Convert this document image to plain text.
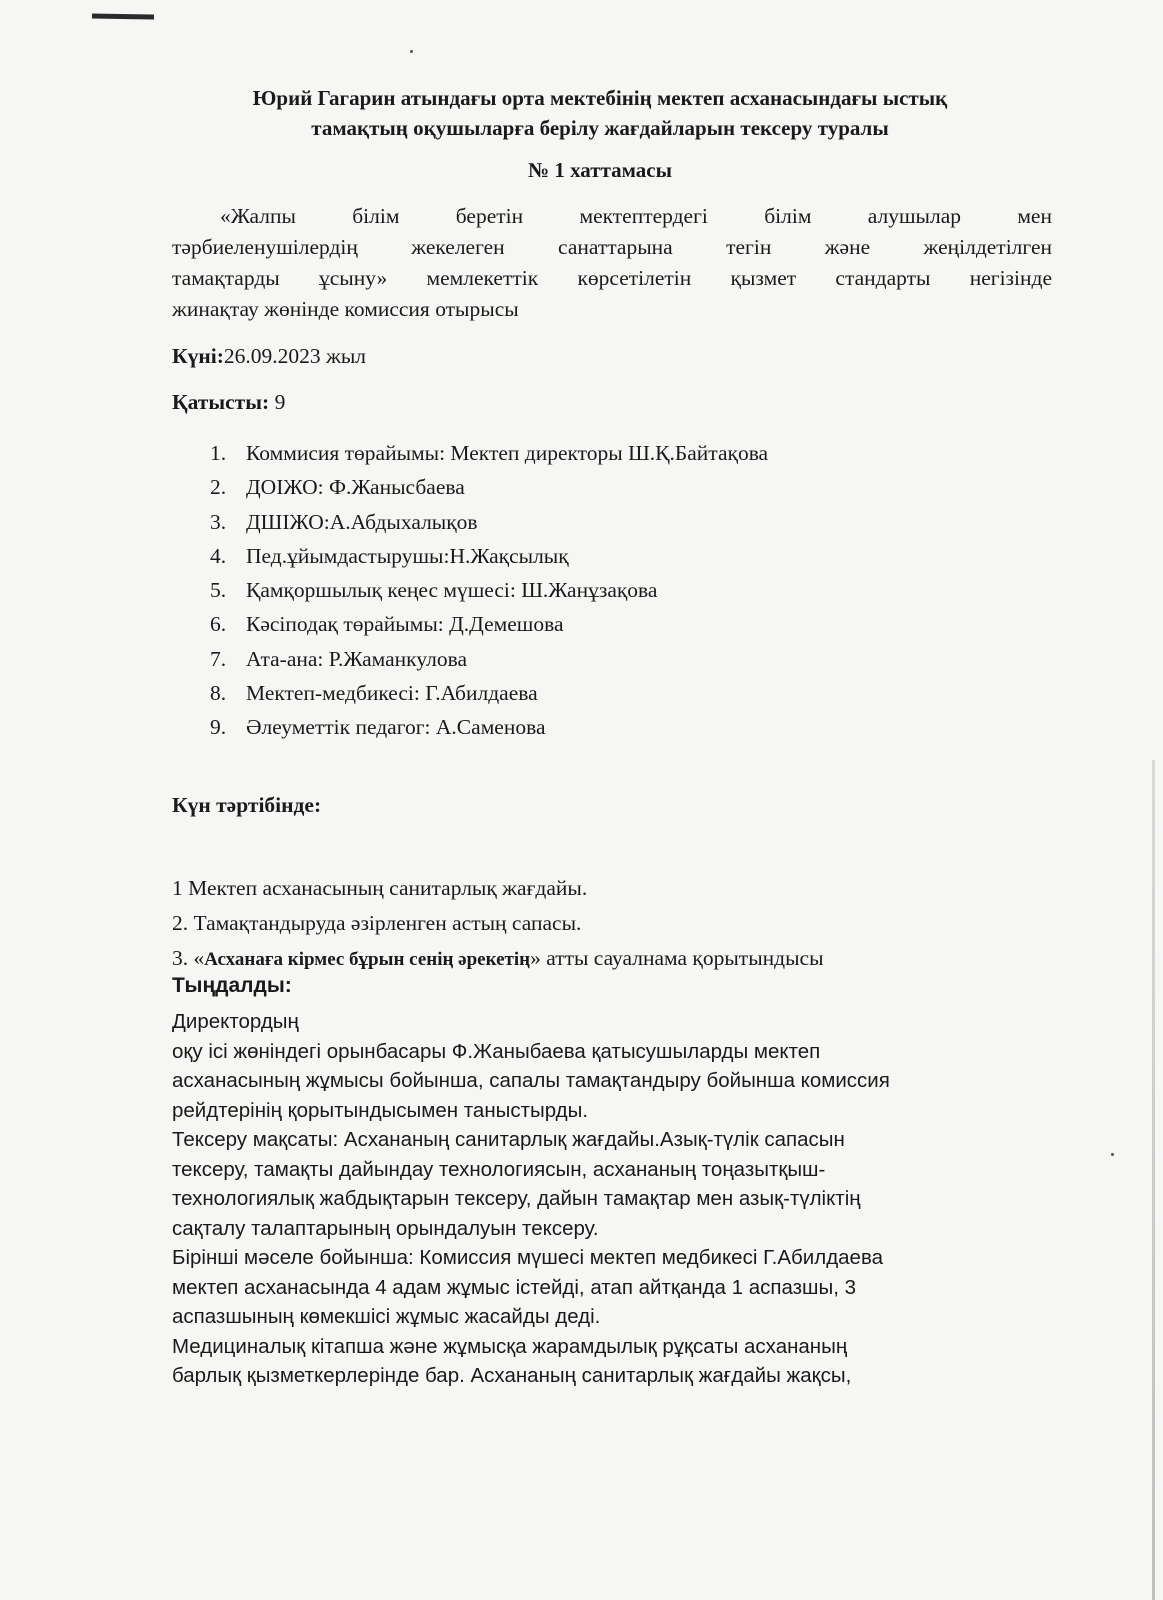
Юрий Гагарин атындағы орта мектебінің мектеп асханасындағы ыстық
тамақтың оқушыларға берілу жағдайларын тексеру туралы
№ 1 хаттамасы
«Жалпы білім беретін мектептердегі білім алушылар мен
тәрбиеленушілердің жекелеген санаттарына тегін және жеңілдетілген
тамақтарды ұсыну» мемлекеттік көрсетілетін қызмет стандарты негізінде
жинақтау жөнінде комиссия отырысы
Күні:26.09.2023 жыл
Қатысты: 9
1. Коммисия төрайымы: Мектеп директоры Ш.Қ.Байтақова
2. ДОІЖО: Ф.Жанысбаева
3. ДШІЖО:А.Абдыхалықов
4. Пед.ұйымдастырушы:Н.Жақсылық
5. Қамқоршылық кеңес мүшесі: Ш.Жанұзақова
6. Кәсіподақ төрайымы: Д.Демешова
7. Ата-ана: Р.Жаманкулова
8. Мектеп-медбикесі: Г.Абилдаева
9. Әлеуметтік педагог: А.Саменова
Күн тәртібінде:
1 Мектеп асханасының санитарлық жағдайы.
2. Тамақтандыруда әзірленген астың сапасы.
3. «Асханаға кірмес бұрын сенің әрекетің» атты сауалнама қорытындысы
Тыңдалды:
Директордың
оқу ісі жөніндегі орынбасары Ф.Жаныбаева қатысушыларды мектеп
асханасының жұмысы бойынша, сапалы тамақтандыру бойынша комиссия
рейдтерінің қорытындысымен таныстырды.
Тексеру мақсаты: Асхананың санитарлық жағдайы.Азық-түлік сапасын
тексеру, тамақты дайындау технологиясын, асхананың тоңазытқыш-
технологиялық жабдықтарын тексеру, дайын тамақтар мен азық-түліктің
сақталу талаптарының орындалуын тексеру.
Бірінші мәселе бойынша: Комиссия мүшесі мектеп медбикесі Г.Абилдаева
мектеп асханасында 4 адам жұмыс істейді, атап айтқанда 1 аспазшы, 3
аспазшының көмекшісі жұмыс жасайды деді.
Медициналық кітапша және жұмысқа жарамдылық рұқсаты асхананың
барлық қызметкерлерінде бар. Асхананың санитарлық жағдайы жақсы,
